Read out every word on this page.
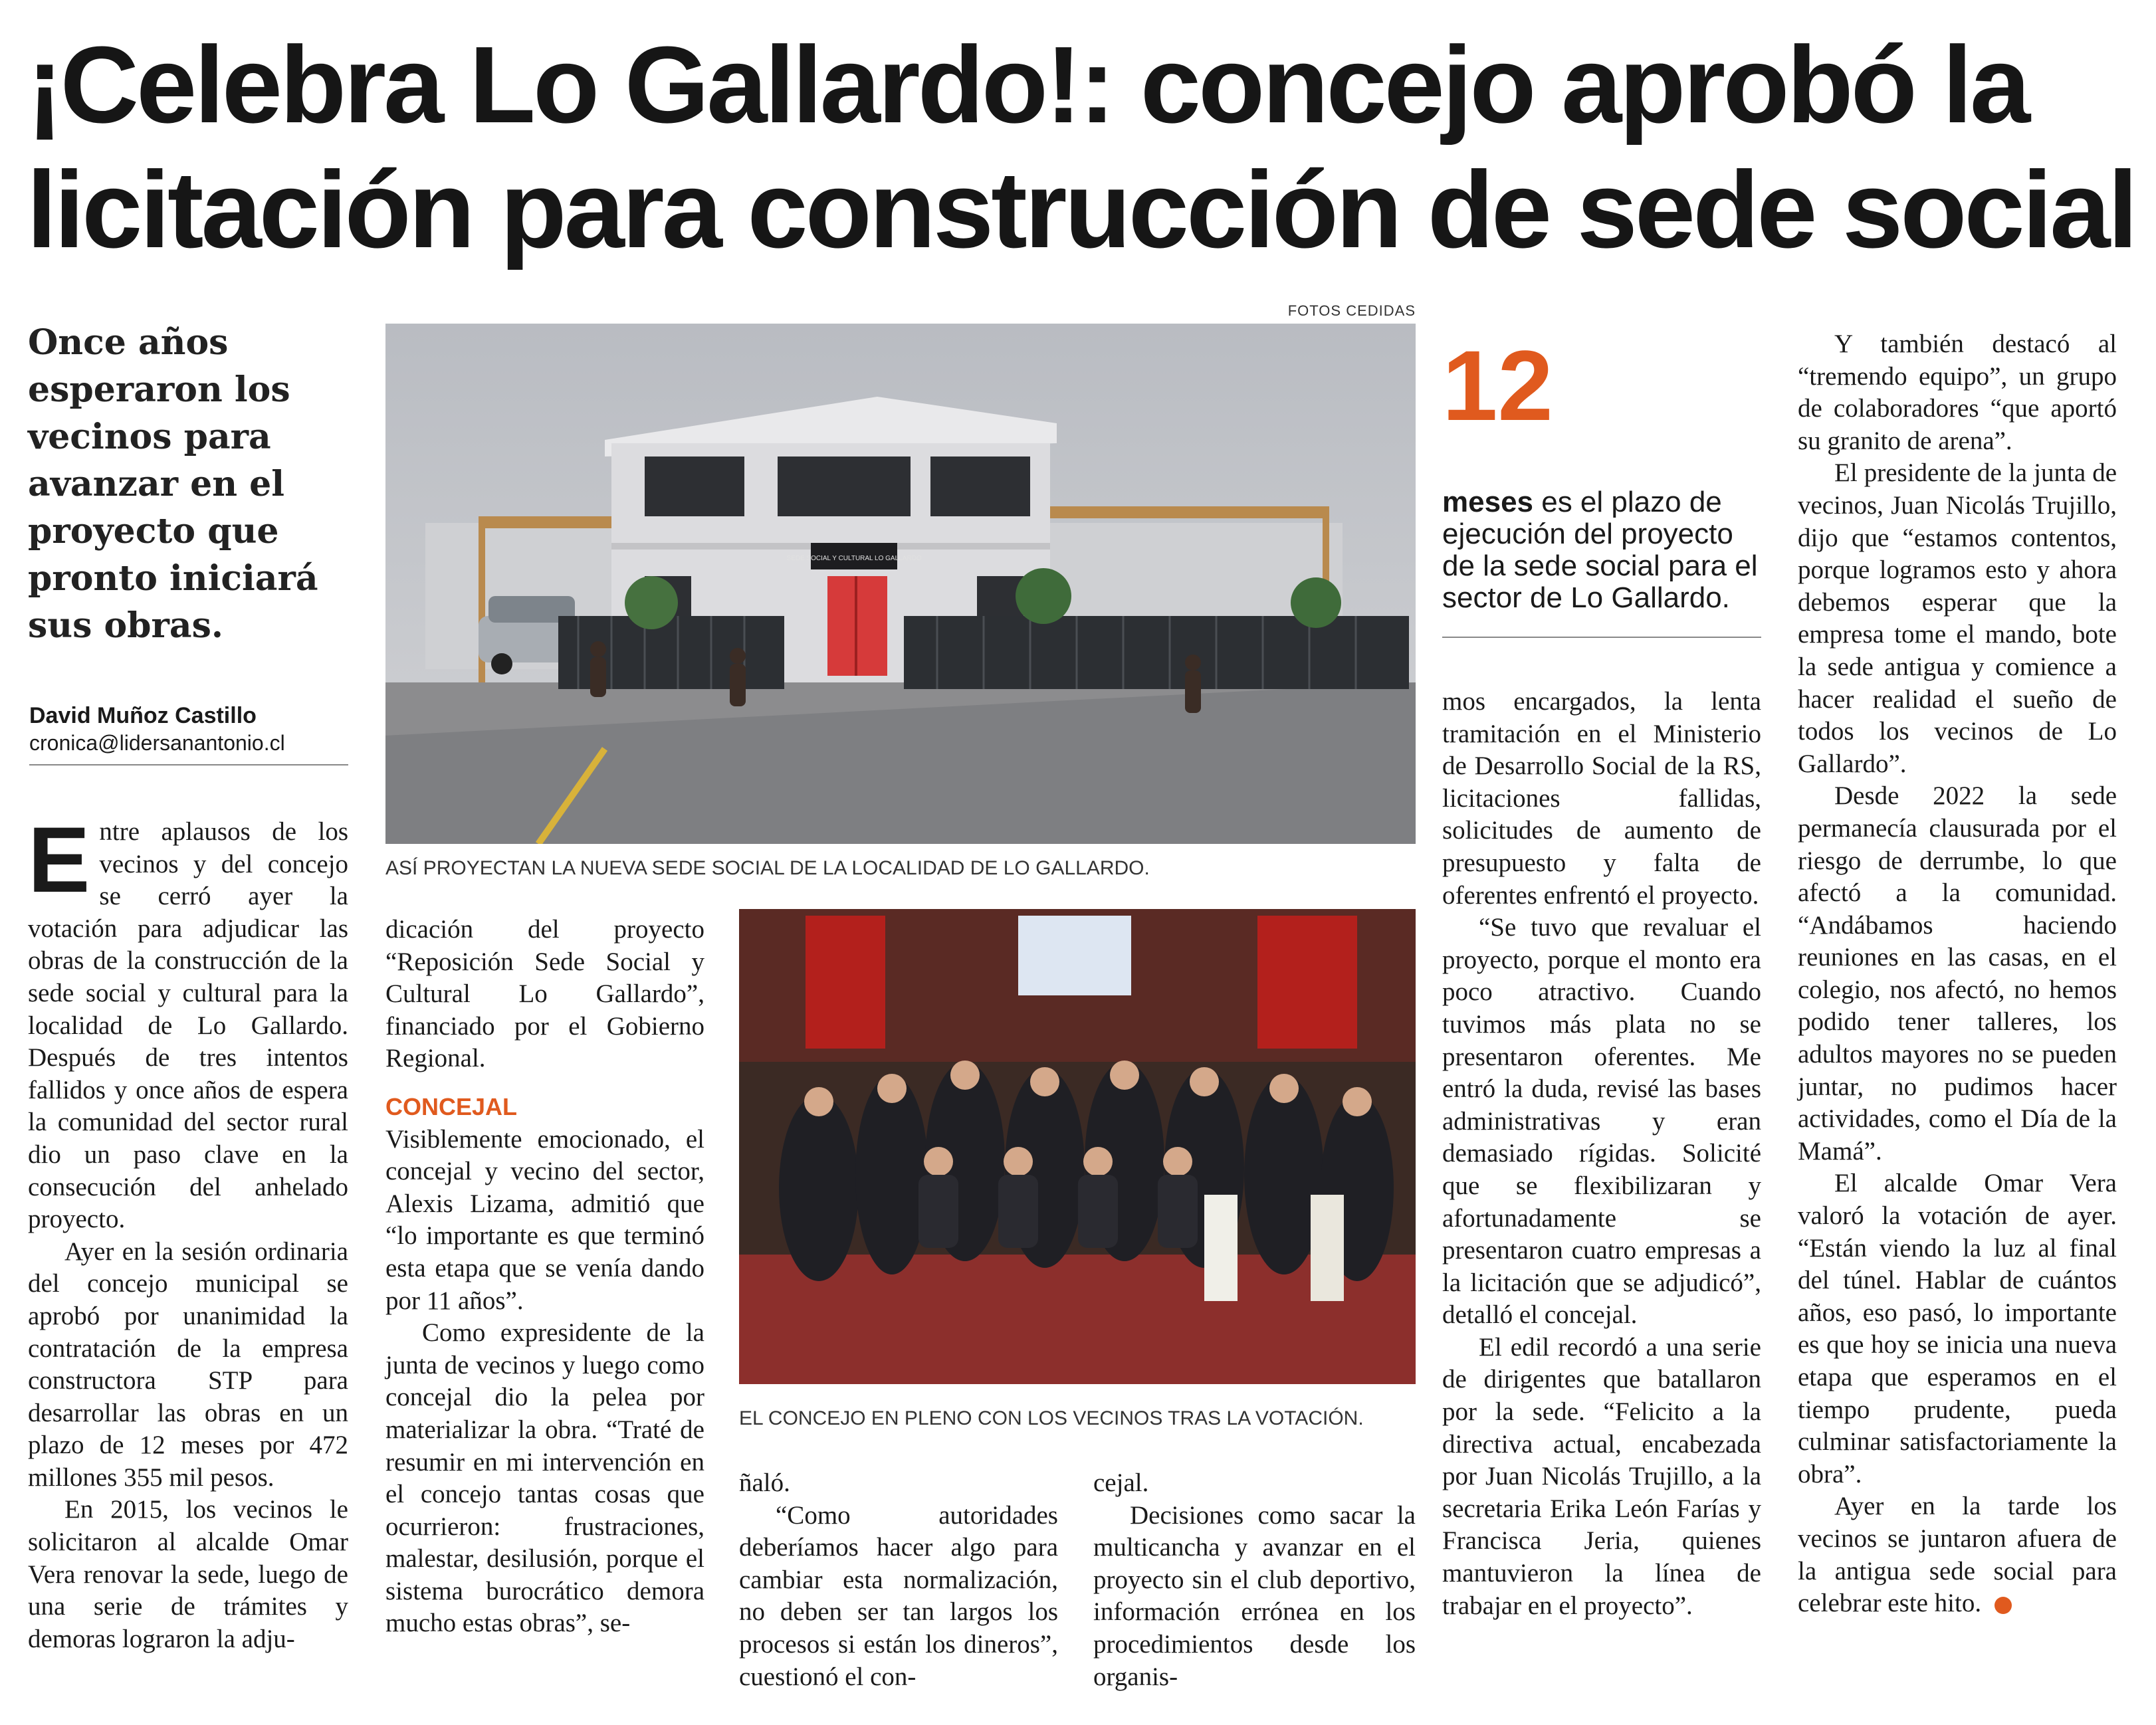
¡Celebra Lo Gallardo!: concejo aprobó la licitación para construcción de sede social

Once años esperaron los vecinos para avanzar en el proyecto que pronto iniciará sus obras.

David Muñoz Castillo
cronica@lidersanantonio.cl
FOTOS CEDIDAS
SEDE SOCIAL Y CULTURAL LO GALLARDO
ASÍ PROYECTAN LA NUEVA SEDE SOCIAL DE LA LOCALIDAD DE LO GALLARDO.
EL CONCEJO EN PLENO CON LOS VECINOS TRAS LA VOTACIÓN.
12

meses es el plazo de ejecución del proyecto de la sede social para el sector de Lo Gallardo.

Entre aplausos de los vecinos y del concejo se cerró ayer la votación para adjudicar las obras de la construcción de la sede social y cultural para la localidad de Lo Gallardo. Después de tres intentos fallidos y once años de espera la comunidad del sector rural dio un paso clave en la consecución del anhelado proyecto.

Ayer en la sesión ordinaria del concejo municipal se aprobó por unanimidad la contratación de la empresa constructora STP para desarrollar las obras en un plazo de 12 meses por 472 millones 355 mil pesos.

En 2015, los vecinos le solicitaron al alcalde Omar Vera renovar la sede, luego de una serie de trámites y demoras lograron la adju-

dicación del proyecto “Reposición Sede Social y Cultural Lo Gallardo”, financiado por el Gobierno Regional.

CONCEJAL

Visiblemente emocionado, el concejal y vecino del sector, Alexis Lizama, admitió que “lo importante es que terminó esta etapa que se venía dando por 11 años”.

Como expresidente de la junta de vecinos y luego como concejal dio la pelea por materializar la obra. “Traté de resumir en mi intervención en el concejo tantas cosas que ocurrieron: frustraciones, malestar, desilusión, porque el sistema burocrático demora mucho estas obras”, se-

ñaló.

“Como autoridades deberíamos hacer algo para cambiar esta normalización, no deben ser tan largos los procesos si están los dineros”, cuestionó el con-

cejal.

Decisiones como sacar la multicancha y avanzar en el proyecto sin el club deportivo, información errónea en los procedimientos desde los organis-

mos encargados, la lenta tramitación en el Ministerio de Desarrollo Social de la RS, licitaciones fallidas, solicitudes de aumento de presupuesto y falta de oferentes enfrentó el proyecto.

“Se tuvo que revaluar el proyecto, porque el monto era poco atractivo. Cuando tuvimos más plata no se presentaron oferentes. Me entró la duda, revisé las bases administrativas y eran demasiado rígidas. Solicité que se flexibilizaran y afortunadamente se presentaron cuatro empresas a la licitación que se adjudicó”, detalló el concejal.

El edil recordó a una serie de dirigentes que batallaron por la sede. “Felicito a la directiva actual, encabezada por Juan Nicolás Trujillo, a la secretaria Erika León Farías y Francisca Jeria, quienes mantuvieron la línea de trabajar en el proyecto”.

Y también destacó al “tremendo equipo”, un grupo de colaboradores “que aportó su granito de arena”.

El presidente de la junta de vecinos, Juan Nicolás Trujillo, dijo que “estamos contentos, porque logramos esto y ahora debemos esperar que la empresa tome el mando, bote la sede antigua y comience a hacer realidad el sueño de todos los vecinos de Lo Gallardo”.

Desde 2022 la sede permanecía clausurada por el riesgo de derrumbe, lo que afectó a la comunidad. “Andábamos haciendo reuniones en las casas, en el colegio, nos afectó, no hemos podido tener talleres, los adultos mayores no se pueden juntar, no pudimos hacer actividades, como el Día de la Mamá”.

El alcalde Omar Vera valoró la votación de ayer. “Están viendo la luz al final del túnel. Hablar de cuántos años, eso pasó, lo importante es que hoy se inicia una nueva etapa que esperamos en el tiempo prudente, pueda culminar satisfactoriamente la obra”.

Ayer en la tarde los vecinos se juntaron afuera de la antigua sede social para celebrar este hito.	✪
